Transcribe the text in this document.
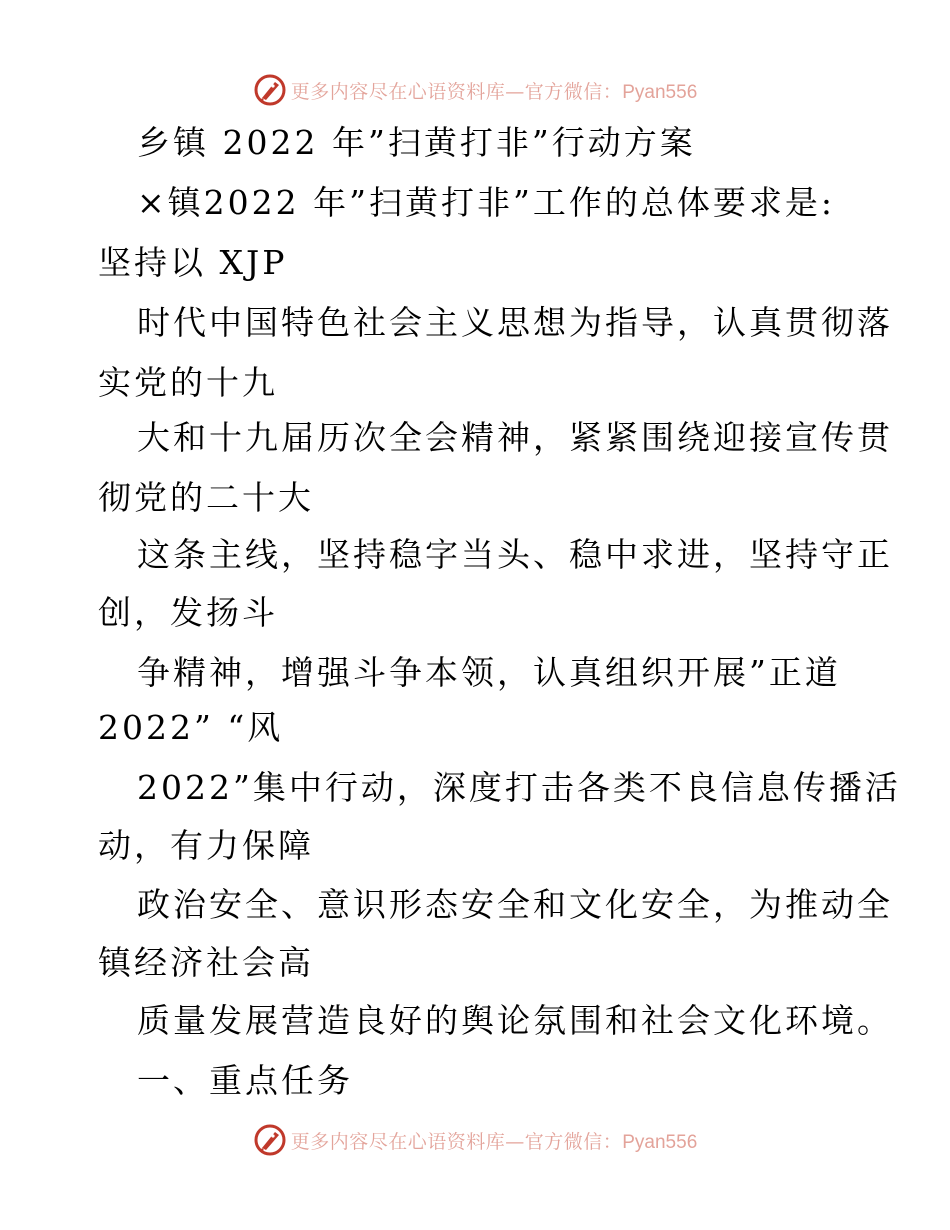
更多内容尽在心语资料库—官方微信：Pyan556
乡镇 2022 年”扫黄打非”行动方案
×镇2022 年”扫黄打非”工作的总体要求是:
坚持以 XJP
时代中国特色社会主义思想为指导，认真贯彻落
实党的十九
大和十九届历次全会精神，紧紧围绕迎接宣传贯
彻党的二十大
这条主线，坚持稳字当头、稳中求进，坚持守正
创，发扬斗
争精神，增强斗争本领，认真组织开展”正道
2022” “风
2022”集中行动，深度打击各类不良信息传播活
动，有力保障
政治安全、意识形态安全和文化安全，为推动全
镇经济社会高
质量发展营造良好的舆论氛围和社会文化环境。
一、重点任务
更多内容尽在心语资料库—官方微信：Pyan556
